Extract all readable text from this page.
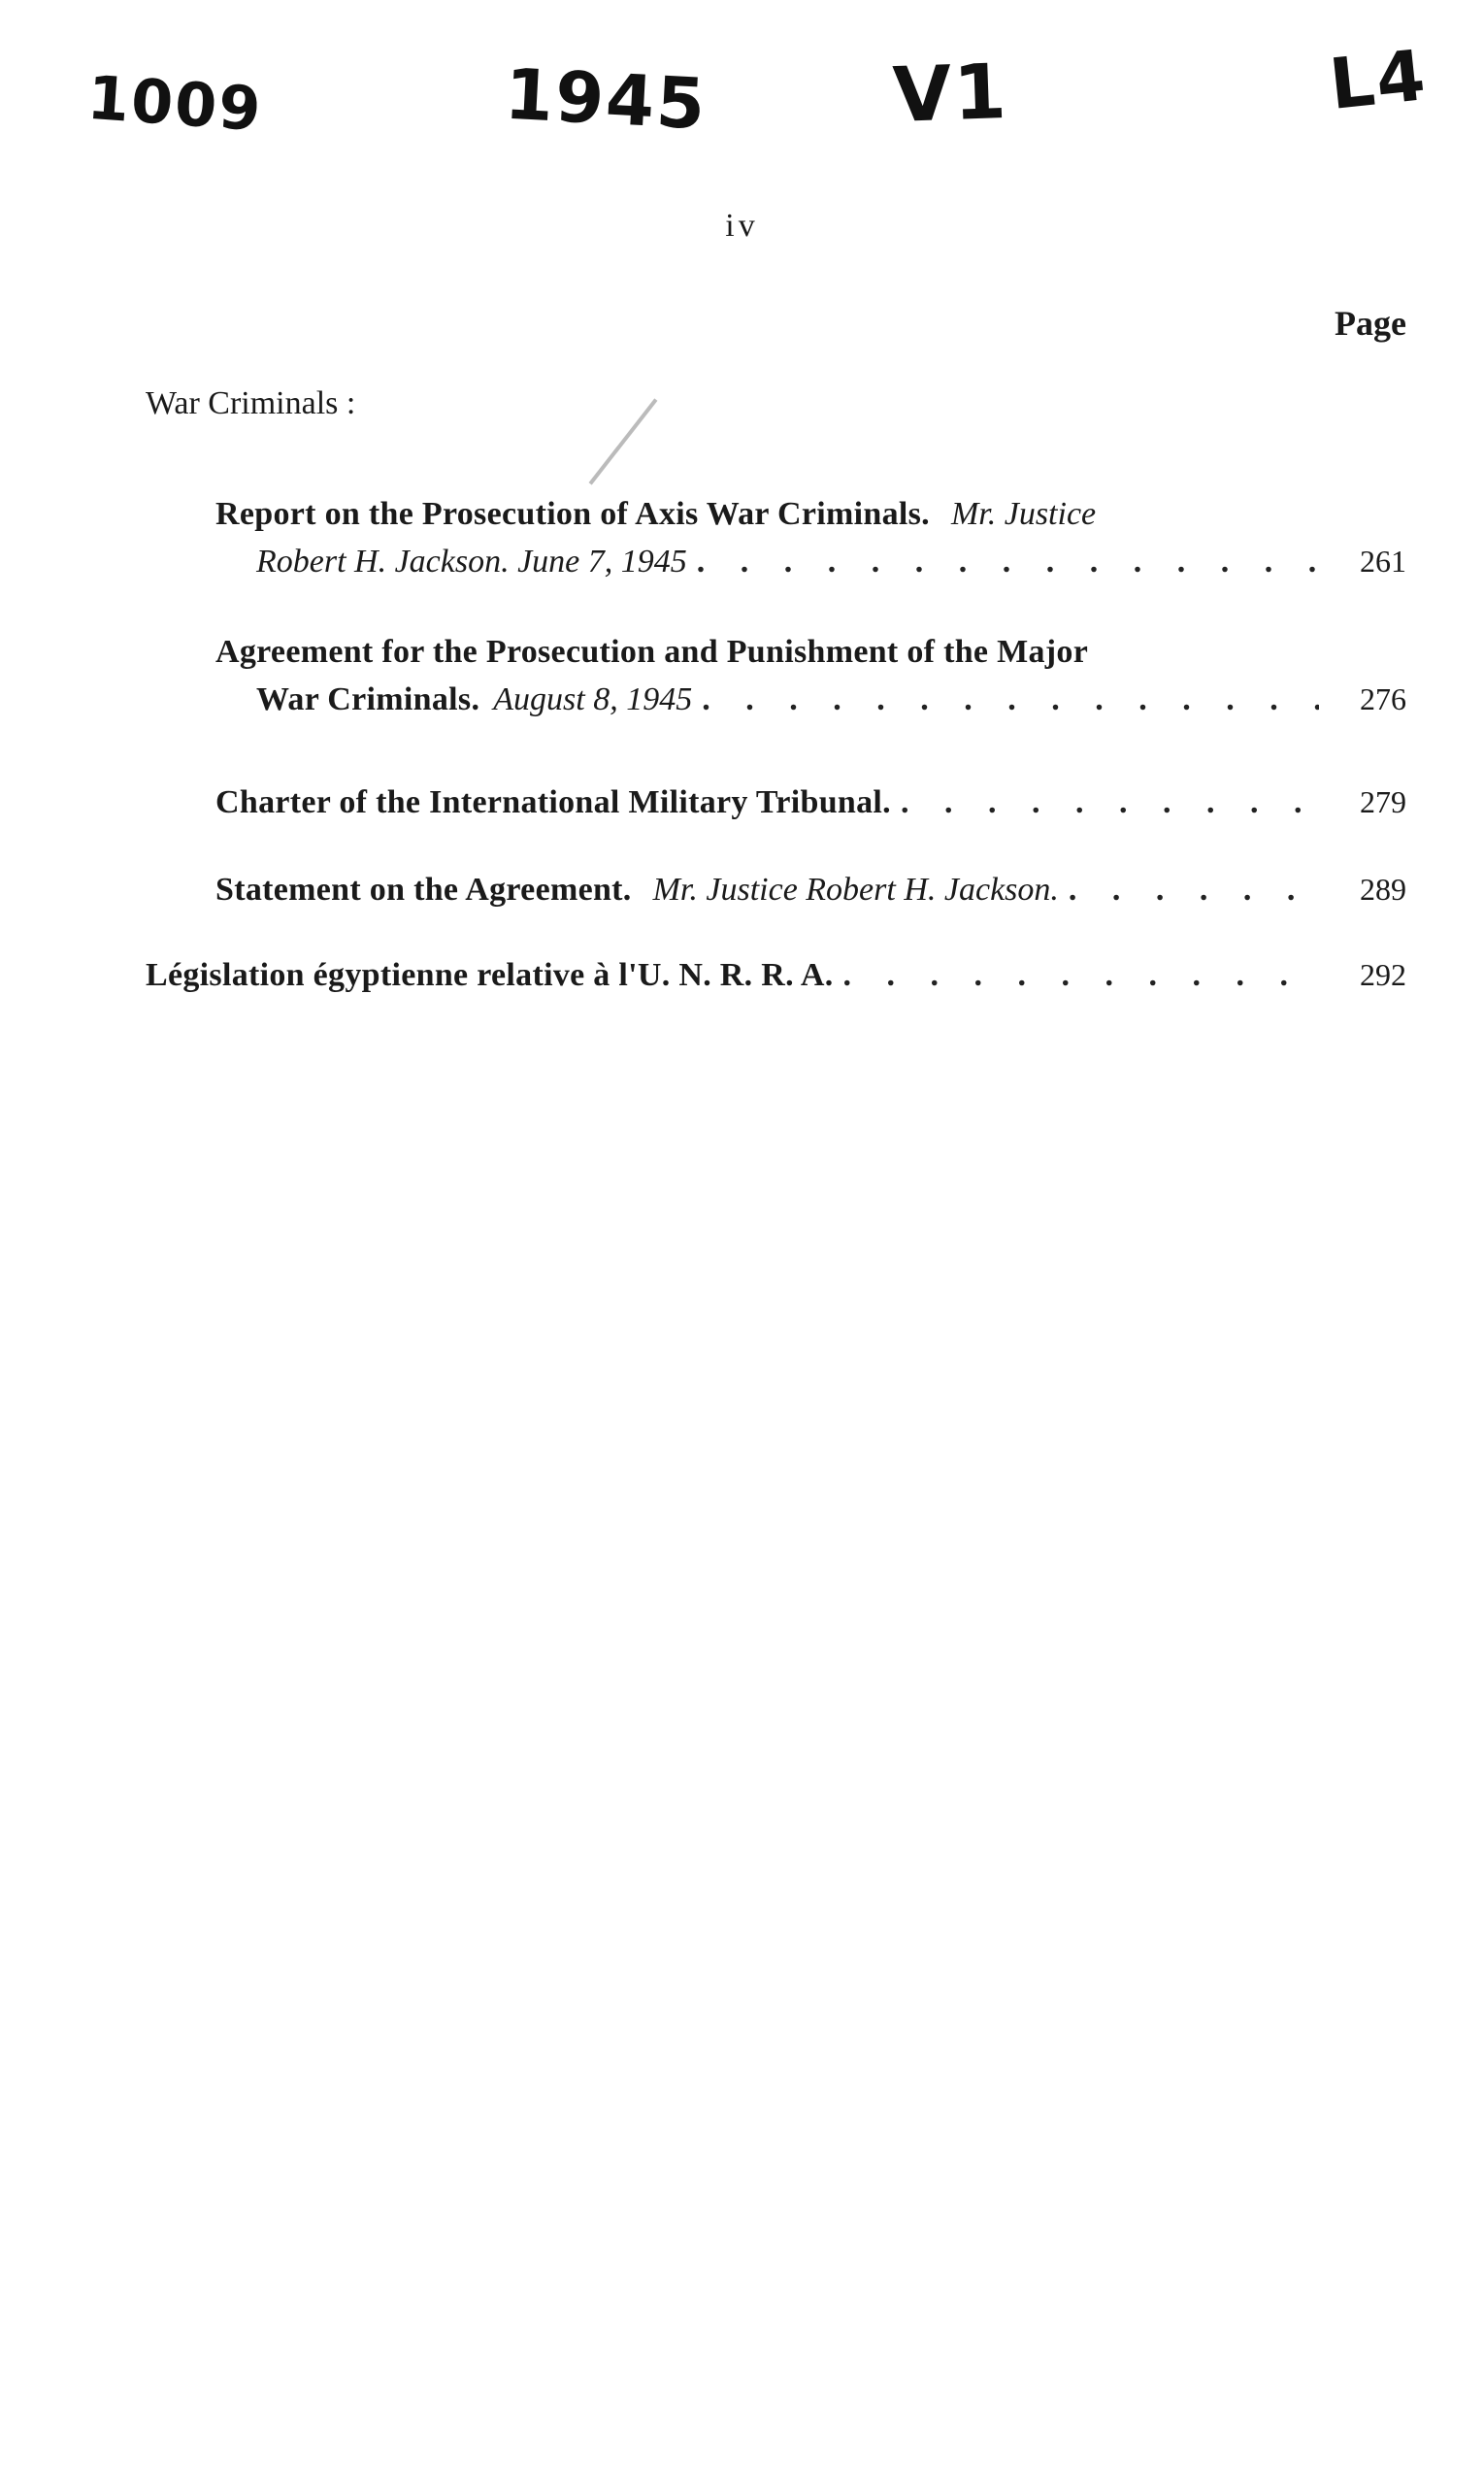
1009	1945 V1	L4
iv
Page
War Criminals :
Report on the Prosecution of Axis War Criminals. Mr. Justice
Robert H. Jackson. June 7, 1945 . . .	261
Agreement for the Prosecution and Punishment of the Major
War Criminals. August 8, 1945 . . .	276
Charter of the International Military Tribunal. . . .	279
Statement on the Agreement. Mr. Justice Robert H. Jackson. . . .	289
Législation égyptienne relative à l'U. N. R. R. A. . . .	292
